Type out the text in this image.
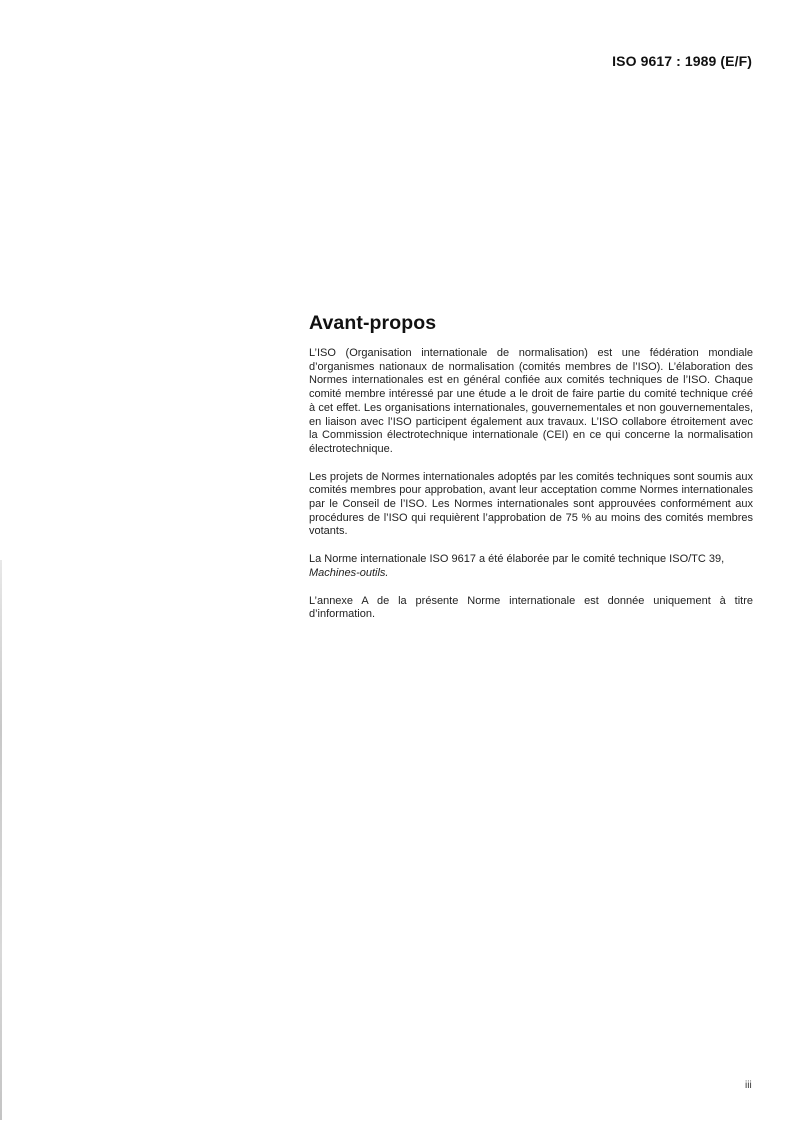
ISO 9617 : 1989 (E/F)
Avant-propos

L’ISO (Organisation internationale de normalisation) est une fédération mondiale d’organismes nationaux de normalisation (comités membres de l’ISO). L’élaboration des Normes internationales est en général confiée aux comités techniques de l’ISO. Chaque comité membre intéressé par une étude a le droit de faire partie du comité technique créé à cet effet. Les organisations internationales, gouvernementales et non gouvernementales, en liaison avec l’ISO participent également aux travaux. L’ISO collabore étroitement avec la Commission électrotechnique internationale (CEI) en ce qui concerne la normalisation électrotechnique.

Les projets de Normes internationales adoptés par les comités techniques sont soumis aux comités membres pour approbation, avant leur acceptation comme Normes internationales par le Conseil de l’ISO. Les Normes internationales sont approuvées conformément aux procédures de l’ISO qui requièrent l’approbation de 75 % au moins des comités membres votants.

La Norme internationale ISO 9617 a été élaborée par le comité technique ISO/TC 39,
Machines-outils.

L’annexe A de la présente Norme internationale est donnée uniquement à titre d’information.

iii
